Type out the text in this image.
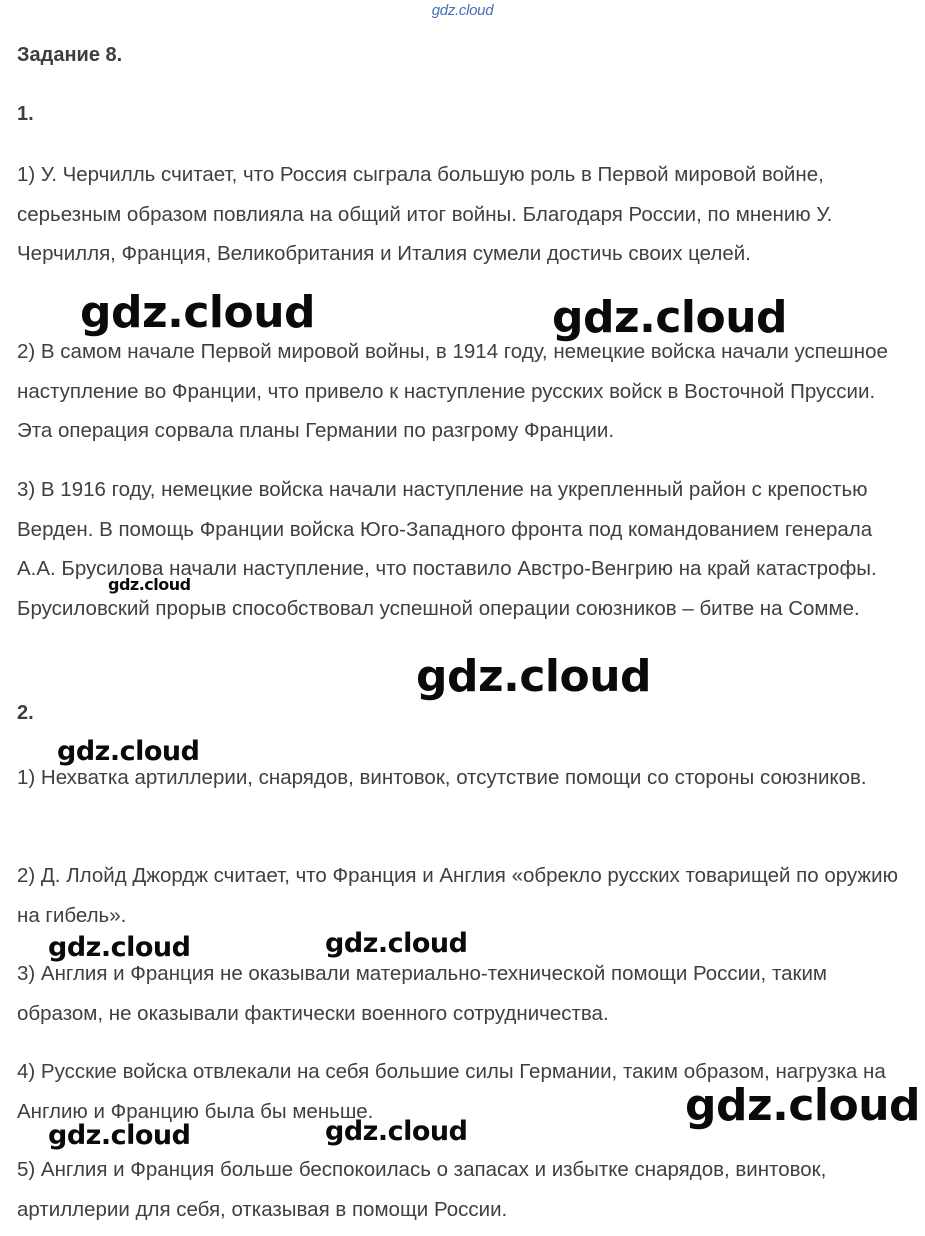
gdz.cloud
Задание 8.
1.
1) У. Черчилль считает, что Россия сыграла большую роль в Первой мировой войне, серьезным образом повлияла на общий итог войны. Благодаря России, по мнению У. Черчилля, Франция, Великобритания и Италия сумели достичь своих целей.
2) В самом начале Первой мировой войны, в 1914 году, немецкие войска начали успешное наступление во Франции, что привело к наступление русских войск в Восточной Пруссии. Эта операция сорвала планы Германии по разгрому Франции.
3) В 1916 году, немецкие войска начали наступление на укрепленный район с крепостью Верден. В помощь Франции войска Юго-Западного фронта под командованием генерала А.А. Брусилова начали наступление, что поставило Австро-Венгрию на край катастрофы. Брусиловский прорыв способствовал успешной операции союзников – битве на Сомме.
2.
1) Нехватка артиллерии, снарядов, винтовок, отсутствие помощи со стороны союзников.
2) Д. Ллойд Джордж считает, что Франция и Англия «обрекло русских товарищей по оружию на гибель».
3) Англия и Франция не оказывали материально-технической помощи России, таким образом, не оказывали фактически военного сотрудничества.
4) Русские войска отвлекали на себя большие силы Германии, таким образом, нагрузка на Англию и Францию была бы меньше.
5) Англия и Франция больше беспокоилась о запасах и избытке снарядов, винтовок, артиллерии для себя, отказывая в помощи России.
gdz.cloud	gdz.cloud
gdz.cloud
gdz.cloud
gdz.cloud
gdz.cloud	gdz.cloud
gdz.cloud
gdz.cloud	gdz.cloud
